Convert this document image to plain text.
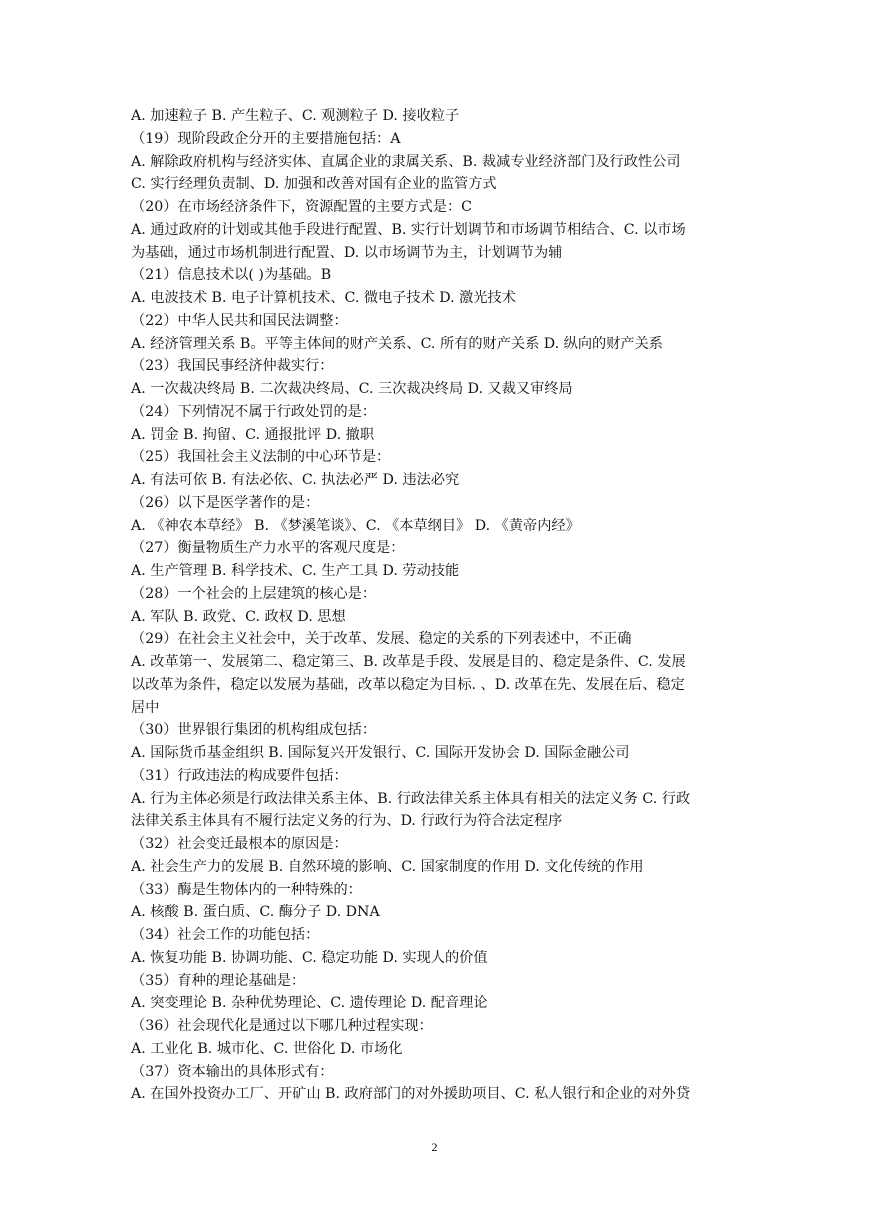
A. 加速粒子 B. 产生粒子、C. 观测粒子 D. 接收粒子
（19）现阶段政企分开的主要措施包括：A
A. 解除政府机构与经济实体、直属企业的隶属关系、B. 裁减专业经济部门及行政性公司
C. 实行经理负责制、D. 加强和改善对国有企业的监管方式
（20）在市场经济条件下，资源配置的主要方式是：C
A. 通过政府的计划或其他手段进行配置、B. 实行计划调节和市场调节相结合、C. 以市场
为基础，通过市场机制进行配置、D. 以市场调节为主，计划调节为辅
（21）信息技术以( )为基础。B
A. 电波技术 B. 电子计算机技术、C. 微电子技术 D. 激光技术
（22）中华人民共和国民法调整：
A. 经济管理关系 B。平等主体间的财产关系、C. 所有的财产关系 D. 纵向的财产关系
（23）我国民事经济仲裁实行：
A. 一次裁决终局 B. 二次裁决终局、C. 三次裁决终局 D. 又裁又审终局
（24）下列情况不属于行政处罚的是：
A. 罚金 B. 拘留、C. 通报批评 D. 撤职
（25）我国社会主义法制的中心环节是：
A. 有法可依 B. 有法必依、C. 执法必严 D. 违法必究
（26）以下是医学著作的是：
A. 《神农本草经》 B. 《梦溪笔谈》、C. 《本草纲目》 D. 《黄帝内经》
（27）衡量物质生产力水平的客观尺度是：
A. 生产管理 B. 科学技术、C. 生产工具 D. 劳动技能
（28）一个社会的上层建筑的核心是：
A. 军队 B. 政党、C. 政权 D. 思想
（29）在社会主义社会中，关于改革、发展、稳定的关系的下列表述中，不正确
A. 改革第一、发展第二、稳定第三、B. 改革是手段、发展是目的、稳定是条件、C. 发展
以改革为条件，稳定以发展为基础，改革以稳定为目标. 、D. 改革在先、发展在后、稳定
居中
（30）世界银行集团的机构组成包括：
A. 国际货币基金组织 B. 国际复兴开发银行、C. 国际开发协会 D. 国际金融公司
（31）行政违法的构成要件包括：
A. 行为主体必须是行政法律关系主体、B. 行政法律关系主体具有相关的法定义务 C. 行政
法律关系主体具有不履行法定义务的行为、D. 行政行为符合法定程序
（32）社会变迁最根本的原因是：
A. 社会生产力的发展 B. 自然环境的影响、C. 国家制度的作用 D. 文化传统的作用
（33）酶是生物体内的一种特殊的：
A. 核酸 B. 蛋白质、C. 酶分子 D. DNA
（34）社会工作的功能包括：
A. 恢复功能 B. 协调功能、C. 稳定功能 D. 实现人的价值
（35）育种的理论基础是：
A. 突变理论 B. 杂种优势理论、C. 遗传理论 D. 配音理论
（36）社会现代化是通过以下哪几种过程实现：
A. 工业化 B. 城市化、C. 世俗化 D. 市场化
（37）资本输出的具体形式有：
A. 在国外投资办工厂、开矿山 B. 政府部门的对外援助项目、C. 私人银行和企业的对外贷
2
